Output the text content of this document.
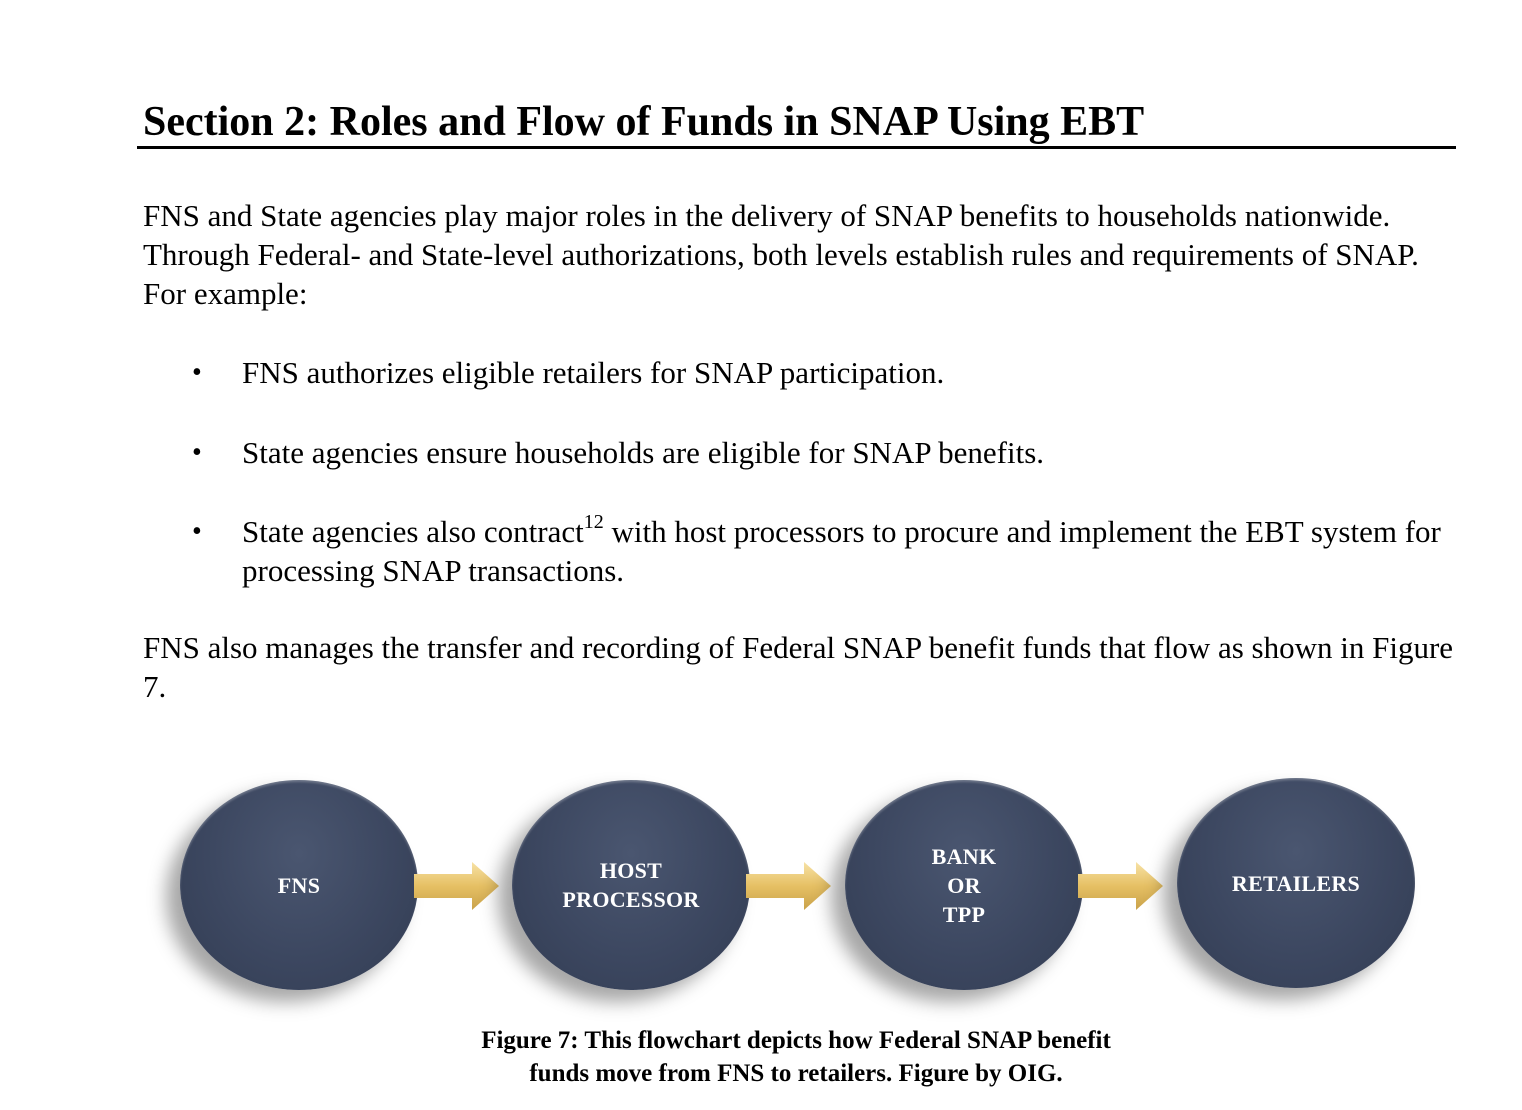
Section 2: Roles and Flow of Funds in SNAP Using EBT

FNS and State agencies play major roles in the delivery of SNAP benefits to households nationwide. Through Federal- and State-level authorizations, both levels establish rules and requirements of SNAP. For example:

• FNS authorizes eligible retailers for SNAP participation.
• State agencies ensure households are eligible for SNAP benefits.
• State agencies also contract$^{12}$ with host processors to procure and implement the EBT system for processing SNAP transactions.

FNS also manages the transfer and recording of Federal SNAP benefit funds that flow as shown in Figure 7.

FNS
HOST
PROCESSOR
BANK
OR
TPP
RETAILERS
Figure 7: This flowchart depicts how Federal SNAP benefit
funds move from FNS to retailers. Figure by OIG.
